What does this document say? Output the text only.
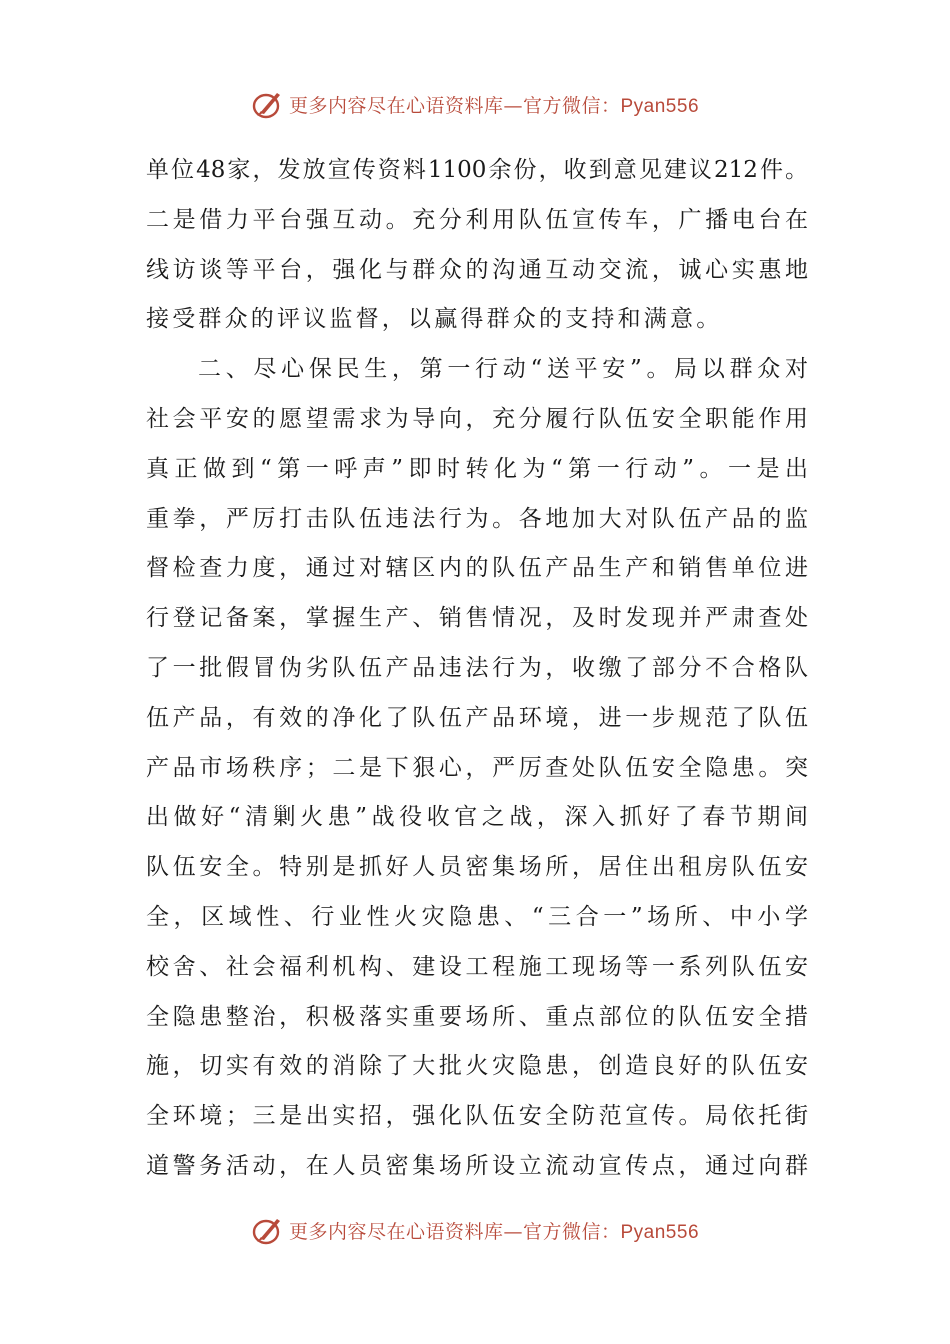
更多内容尽在心语资料库—官方微信：Pyan556
单位48家，发放宣传资料1100余份，收到意见建议212件。
二是借力平台强互动。充分利用队伍宣传车，广播电台在
线访谈等平台，强化与群众的沟通互动交流，诚心实惠地
接受群众的评议监督，以赢得群众的支持和满意。
二、尽心保民生，第一行动“送平安”。局以群众对
社会平安的愿望需求为导向，充分履行队伍安全职能作用
真正做到“第一呼声”即时转化为“第一行动”。一是出
重拳，严厉打击队伍违法行为。各地加大对队伍产品的监
督检查力度，通过对辖区内的队伍产品生产和销售单位进
行登记备案，掌握生产、销售情况，及时发现并严肃查处
了一批假冒伪劣队伍产品违法行为，收缴了部分不合格队
伍产品，有效的净化了队伍产品环境，进一步规范了队伍
产品市场秩序；二是下狠心，严厉查处队伍安全隐患。突
出做好“清剿火患”战役收官之战，深入抓好了春节期间
队伍安全。特别是抓好人员密集场所，居住出租房队伍安
全，区域性、行业性火灾隐患、“三合一”场所、中小学
校舍、社会福利机构、建设工程施工现场等一系列队伍安
全隐患整治，积极落实重要场所、重点部位的队伍安全措
施，切实有效的消除了大批火灾隐患，创造良好的队伍安
全环境；三是出实招，强化队伍安全防范宣传。局依托街
道警务活动，在人员密集场所设立流动宣传点，通过向群
更多内容尽在心语资料库—官方微信：Pyan556
